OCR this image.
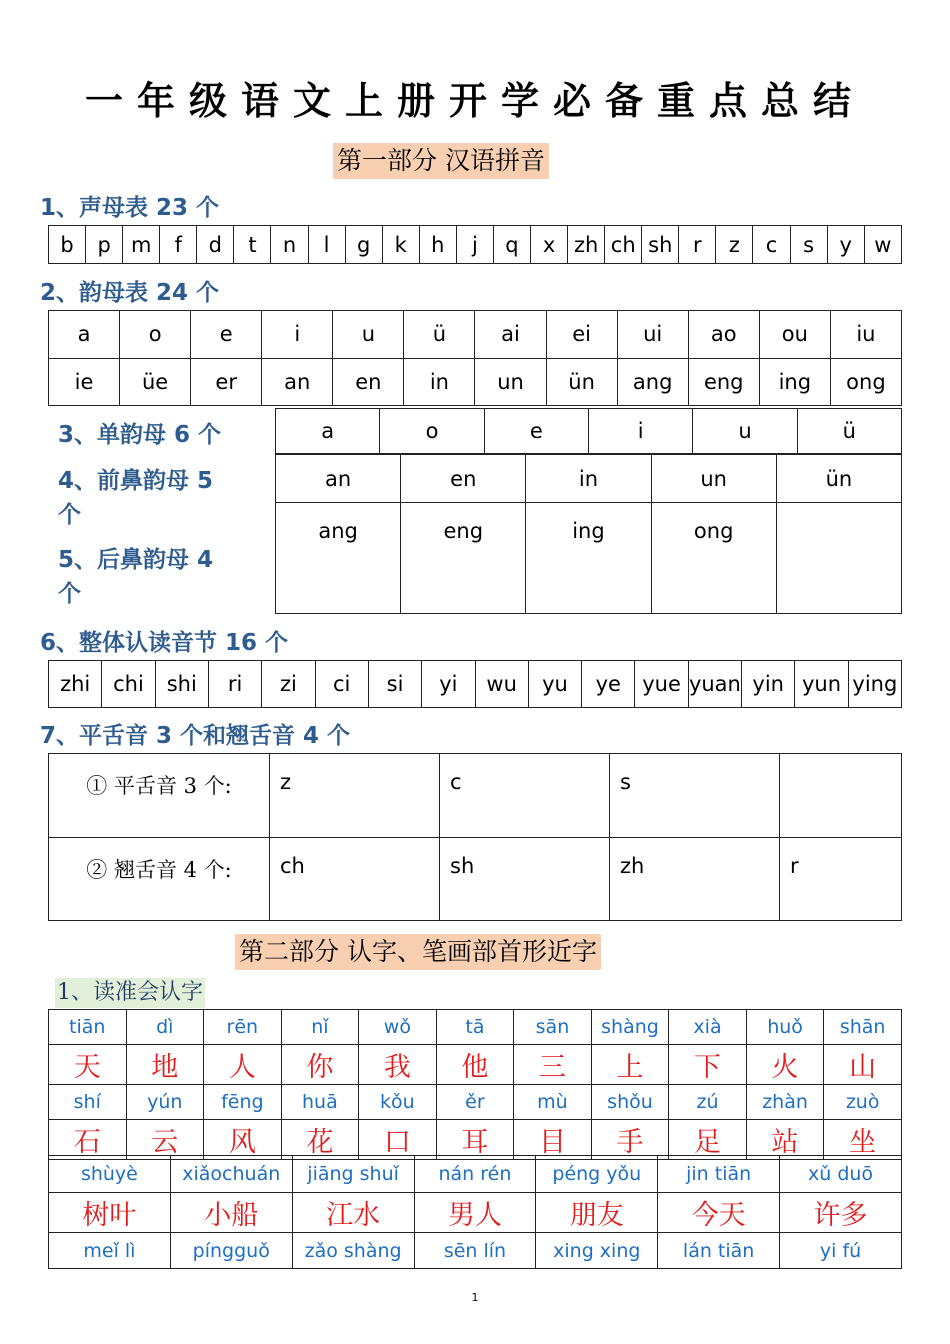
一年级语文上册开学必备重点总结
第一部分 汉语拼音
1、声母表 23 个
b	p	m	f	d	t	n	l	g	k	h	j	q	x	zh	ch	sh	r	z	c	s	y	w
2、韵母表 24 个
a	o	e	i	u	ü	ai	ei	ui	ao	ou	iu
ie	üe	er	an	en	in	un	ün	ang	eng	ing	ong
3、单韵母 6 个
4、前鼻韵母 5
个
5、后鼻韵母 4
个
a	o	e	i	u	ü
an	en	in	un	ün
ang	eng	ing	ong	
6、整体认读音节 16 个
zhi	chi	shi	ri	zi	ci	si	yi	wu	yu	ye	yue	yuan	yin	yun	ying
7、平舌音 3 个和翘舌音 4 个
① 平舌音 3 个:	z	c	s	
② 翘舌音 4 个:	ch	sh	zh	r
第二部分 认字、笔画部首形近字
1、读准会认字
tiān	dì	rēn	nǐ	wǒ	tā	sān	shàng	xià	huǒ	shān
天	地	人	你	我	他	三	上	下	火	山
shí	yún	fēng	huā	kǒu	ěr	mù	shǒu	zú	zhàn	zuò
石	云	风	花	口	耳	目	手	足	站	坐
shùyè	xiǎochuán	jiāng shuǐ	nán rén	péng yǒu	jin tiān	xǔ duō
树叶	小船	江水	男人	朋友	今天	许多
meǐ lì	píngguǒ	zǎo shàng	sēn lín	xing xing	lán tiān	yi fú
1
